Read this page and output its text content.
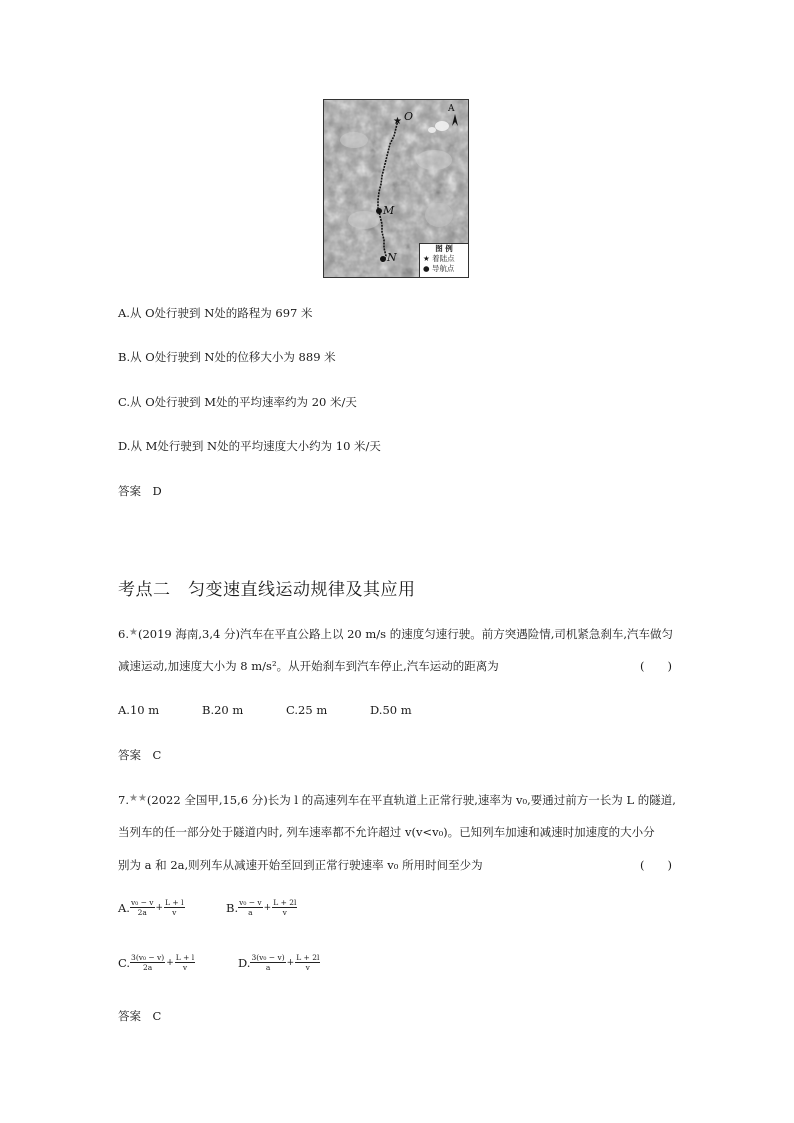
★ O
M
N
图 例
★ 着陆点
● 导航点
A
A.从 O处行驶到 N处的路程为 697 米
B.从 O处行驶到 N处的位移大小为 889 米
C.从 O处行驶到 M处的平均速率约为 20 米/天
D.从 M处行驶到 N处的平均速度大小约为 10 米/天
答案　D
考点二　匀变速直线运动规律及其应用
6.★(2019 海南,3,4 分)汽车在平直公路上以 20 m/s 的速度匀速行驶。前方突遇险情,司机紧急刹车,汽车做匀
减速运动,加速度大小为 8 m/s²。从开始刹车到汽车停止,汽车运动的距离为	(　　)
A.10 m	B.20 m	C.25 m	D.50 m
答案　C
7.★★(2022 全国甲,15,6 分)长为 l 的高速列车在平直轨道上正常行驶,速率为 v₀,要通过前方一长为 L 的隧道,
当列车的任一部分处于隧道内时, 列车速率都不允许超过 v(v<v₀)。已知列车加速和减速时加速度的大小分
别为 a 和 2a,则列车从减速开始至回到正常行驶速率 v₀ 所用时间至少为	(　　)
A. $\frac{\text{v₀ − v}}{2a} + \frac{L + l}{v}$	B. $\frac{\text{v₀ − v}}{a} + \frac{L + 2l}{v}$
C. $\frac{\text{3(v₀ − v)}}{2a} + \frac{L + l}{v}$	D. $\frac{\text{3(v₀ − v)}}{a} + \frac{L + 2l}{v}$
答案　C
